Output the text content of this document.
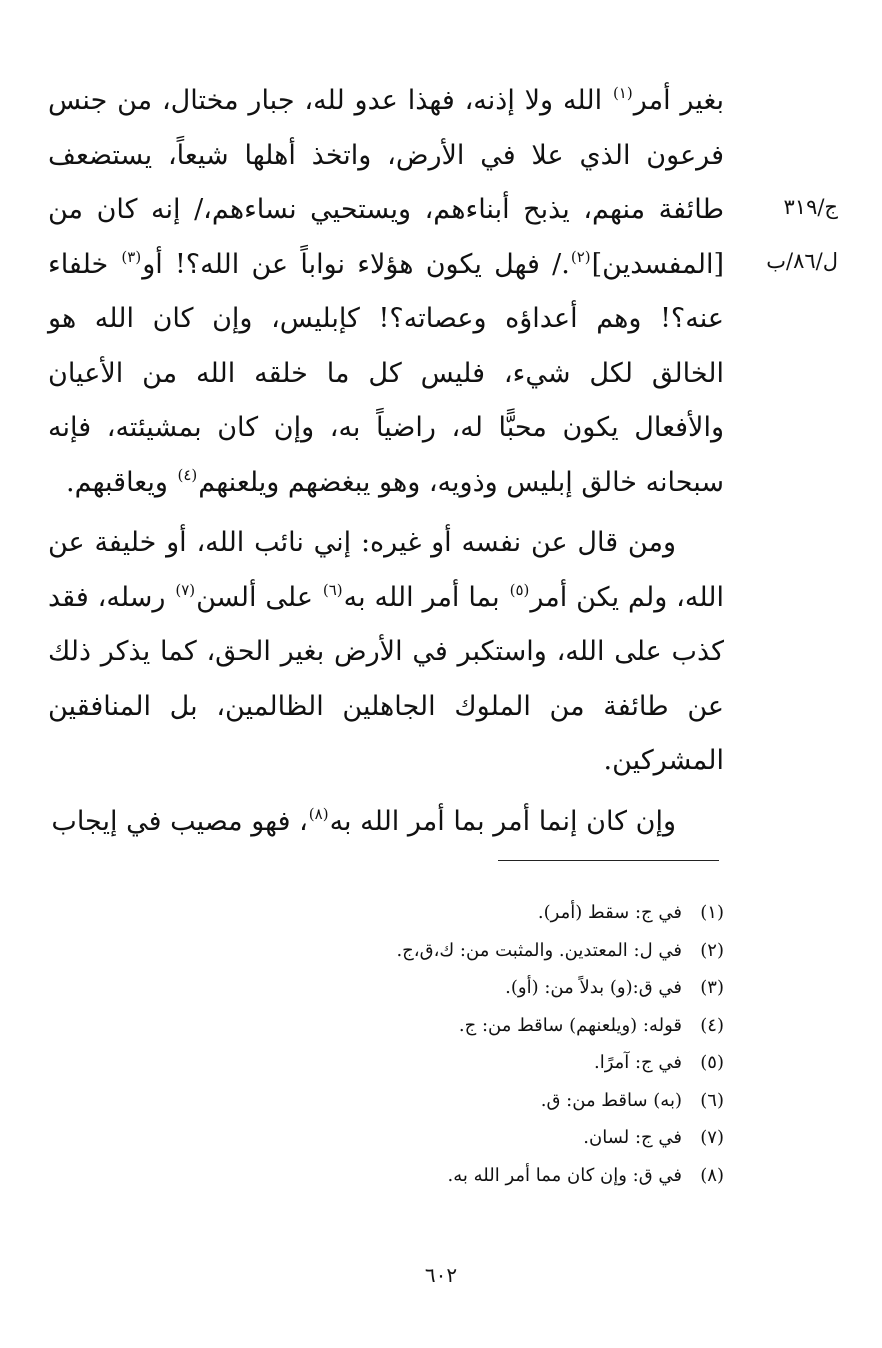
ج/٣١٩
ل/٨٦/ب

بغير أمر$^{(١)}$ الله ولا إذنه، فهذا عدو لله، جبار مختال، من جنس فرعون الذي علا في الأرض، واتخذ أهلها شيعاً، يستضعف طائفة منهم، يذبح أبناءهم، ويستحيي نساءهم،/ إنه كان من [المفسدين]$^{(٢)}$./ فهل يكون هؤلاء نواباً عن الله؟! أو$^{(٣)}$ خلفاء عنه؟! وهم أعداؤه وعصاته؟! كإبليس، وإن كان الله هو الخالق لكل شيء، فليس كل ما خلقه الله من الأعيان والأفعال يكون محبًّا له، راضياً به، وإن كان بمشيئته، فإنه سبحانه خالق إبليس وذويه، وهو يبغضهم ويلعنهم$^{(٤)}$ ويعاقبهم.

ومن قال عن نفسه أو غيره: إني نائب الله، أو خليفة عن الله، ولم يكن أمر$^{(٥)}$ بما أمر الله به$^{(٦)}$ على ألسن$^{(٧)}$ رسله، فقد كذب على الله، واستكبر في الأرض بغير الحق، كما يذكر ذلك عن طائفة من الملوك الجاهلين الظالمين، بل المنافقين المشركين.

وإن كان إنما أمر بما أمر الله به$^{(٨)}$، فهو مصيب في إيجاب

(١)
في ج: سقط (أمر).
(٢)
في ل: المعتدين. والمثبت من: ك،ق،ج.
(٣)
في ق:(و) بدلاً من: (أو).
(٤)
قوله: (ويلعنهم) ساقط من: ج.
(٥)
في ج: آمرًا.
(٦)
(به) ساقط من: ق.
(٧)
في ج: لسان.
(٨)
في ق: وإن كان مما أمر الله به.
٦٠٢
